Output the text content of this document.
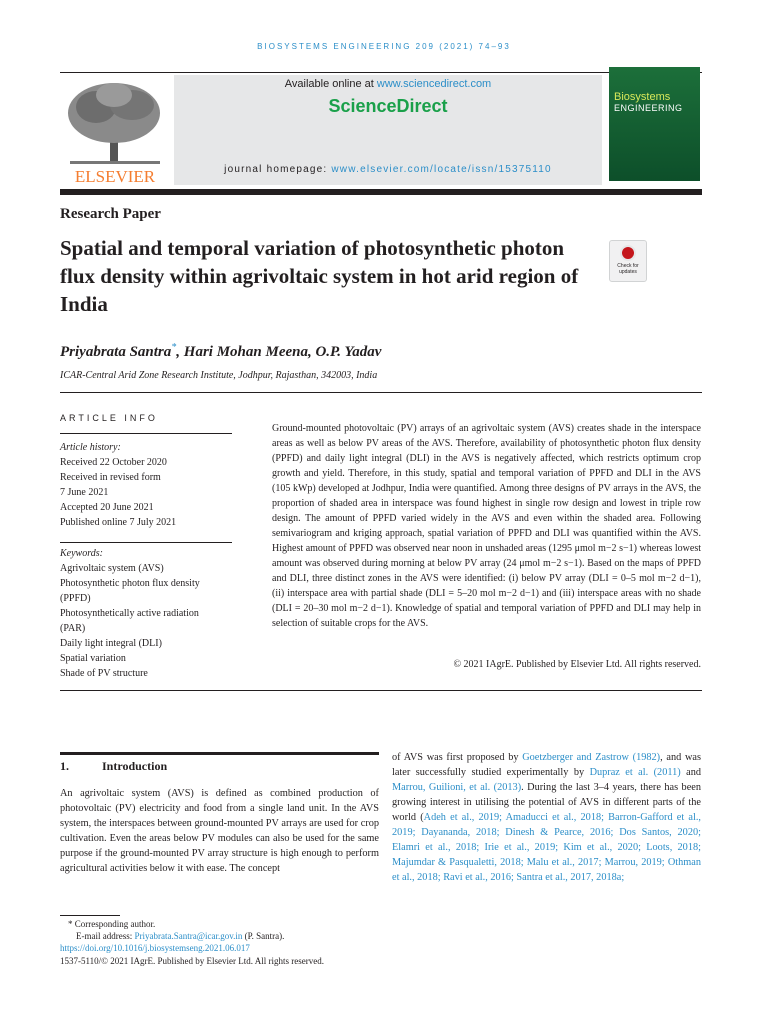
BIOSYSTEMS ENGINEERING 209 (2021) 74–93
ELSEVIER
Available online at www.sciencedirect.com
ScienceDirect
journal homepage: www.elsevier.com/locate/issn/15375110
Biosystems
ENGINEERING
Research Paper
Spatial and temporal variation of photosynthetic photon flux density within agrivoltaic system in hot arid region of India
Check for updates
Priyabrata Santra*, Hari Mohan Meena, O.P. Yadav
ICAR-Central Arid Zone Research Institute, Jodhpur, Rajasthan, 342003, India
ARTICLE INFO
Article history:
Received 22 October 2020
Received in revised form
7 June 2021
Accepted 20 June 2021
Published online 7 July 2021
Keywords:
Agrivoltaic system (AVS)
Photosynthetic photon flux density
(PPFD)
Photosynthetically active radiation
(PAR)
Daily light integral (DLI)
Spatial variation
Shade of PV structure
Ground-mounted photovoltaic (PV) arrays of an agrivoltaic system (AVS) creates shade in the interspace areas as well as below PV areas of the AVS. Therefore, availability of photosynthetic photon flux density (PPFD) and daily light integral (DLI) in the AVS is negatively affected, which restricts optimum crop growth and yield. Therefore, in this study, spatial and temporal variation of PPFD and DLI in the AVS (105 kWp) developed at Jodhpur, India were quantified. Among three designs of PV arrays in the AVS, the proportion of shaded area in interspace was found highest in single row design and lowest in triple row design. The amount of PPFD varied widely in the AVS and even within the shaded area. Following semivariogram and kriging approach, spatial variation of PPFD and DLI was quantified within the AVS. Highest amount of PPFD was observed near noon in unshaded areas (1295 μmol m−2 s−1) whereas lowest amount was observed during morning at below PV array (24 μmol m−2 s−1). Based on the maps of PPFD and DLI, three distinct zones in the AVS were identified: (i) below PV array (DLI = 0–5 mol m−2 d−1), (ii) interspace area with partial shade (DLI = 5–20 mol m−2 d−1) and (iii) interspace areas with no shade (DLI = 20–30 mol m−2 d−1). Knowledge of spatial and temporal variation of PPFD and DLI may help in selection of suitable crops for the AVS.
© 2021 IAgrE. Published by Elsevier Ltd. All rights reserved.
1.	Introduction
An agrivoltaic system (AVS) is defined as combined production of photovoltaic (PV) electricity and food from a single land unit. In the AVS system, the interspaces between ground-mounted PV arrays are used for crop cultivation. Even the areas below PV modules can also be used for the same purpose if the ground-mounted PV array structure is high enough to perform agricultural activities below it with ease. The concept
of AVS was first proposed by Goetzberger and Zastrow (1982), and was later successfully studied experimentally by Dupraz et al. (2011) and Marrou, Guilioni, et al. (2013). During the last 3–4 years, there has been growing interest in utilising the potential of AVS in different parts of the world (Adeh et al., 2019; Amaducci et al., 2018; Barron-Gafford et al., 2019; Dayananda, 2018; Dinesh & Pearce, 2016; Dos Santos, 2020; Elamri et al., 2018; Irie et al., 2019; Kim et al., 2020; Loots, 2018; Majumdar & Pasqualetti, 2018; Malu et al., 2017; Marrou, 2019; Othman et al., 2018; Ravi et al., 2016; Santra et al., 2017, 2018a;
* Corresponding author.
E-mail address: Priyabrata.Santra@icar.gov.in (P. Santra).
https://doi.org/10.1016/j.biosystemseng.2021.06.017
1537-5110/© 2021 IAgrE. Published by Elsevier Ltd. All rights reserved.
